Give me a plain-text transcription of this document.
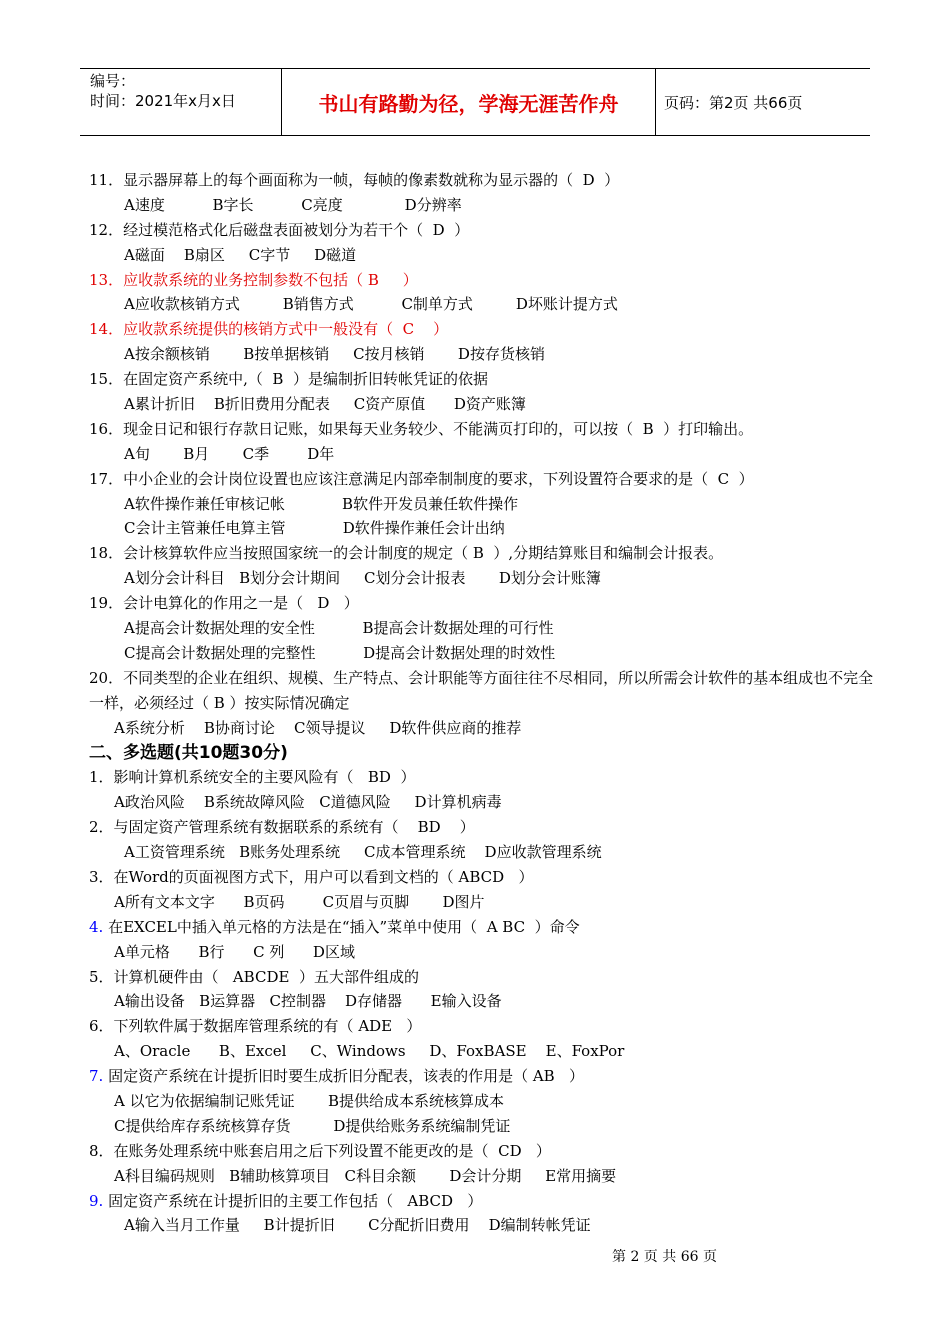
编号：
时间：2021年x月x日	书山有路勤为径，学海无涯苦作舟	页码：第2页 共66页
11．显示器屏幕上的每个画面称为一帧，每帧的像素数就称为显示器的（  D  ）
A速度          B字长          C亮度             D分辨率
12．经过模范格式化后磁盘表面被划分为若干个（  D  ）
A磁面    B扇区     C字节     D磁道
13．应收款系统的业务控制参数不包括（ B     ）
A应收款核销方式         B销售方式          C制单方式         D坏账计提方式
14．应收款系统提供的核销方式中一般没有（  C    ）
A按余额核销       B按单据核销     C按月核销       D按存货核销
15．在固定资产系统中,（  B  ）是编制折旧转帐凭证的依据
A累计折旧    B折旧费用分配表     C资产原值      D资产账簿
16．现金日记和银行存款日记账，如果每天业务较少、不能满页打印的，可以按（  B  ）打印输出。
A旬       B月       C季        D年
17．中小企业的会计岗位设置也应该注意满足内部牵制制度的要求，下列设置符合要求的是（  C  ）
A软件操作兼任审核记帐            B软件开发员兼任软件操作
C会计主管兼任电算主管            D软件操作兼任会计出纳
18．会计核算软件应当按照国家统一的会计制度的规定（ B  ）,分期结算账目和编制会计报表。
A划分会计科目   B划分会计期间     C划分会计报表       D划分会计账簿
19．会计电算化的作用之一是（   D   ）
A提高会计数据处理的安全性          B提高会计数据处理的可行性
C提高会计数据处理的完整性          D提高会计数据处理的时效性
20．不同类型的企业在组织、规模、生产特点、会计职能等方面往往不尽相同，所以所需会计软件的基本组成也不完全一样，必须经过（ B ）按实际情况确定
A系统分析    B协商讨论    C领导提议     D软件供应商的推荐
二、多选题(共10题30分)
1．影响计算机系统安全的主要风险有（   BD  ）
A政治风险    B系统故障风险   C道德风险     D计算机病毒
2．与固定资产管理系统有数据联系的系统有（    BD    ）
A工资管理系统   B账务处理系统     C成本管理系统    D应收款管理系统
3．在Word的页面视图方式下，用户可以看到文档的（ ABCD   ）
A所有文本文字      B页码        C页眉与页脚       D图片
4. 在EXCEL中插入单元格的方法是在“插入”菜单中使用（  A BC  ）命令
A单元格      B行      C 列      D区域
5．计算机硬件由（   ABCDE  ）五大部件组成的
A输出设备   B运算器   C控制器    D存储器      E输入设备
6．下列软件属于数据库管理系统的有（ ADE   ）
A、Oracle      B、Excel     C、Windows     D、FoxBASE    E、FoxPor
7. 固定资产系统在计提折旧时要生成折旧分配表，该表的作用是（ AB   ）
A 以它为依据编制记账凭证       B提供给成本系统核算成本
C提供给库存系统核算存货         D提供给账务系统编制凭证
8．在账务处理系统中账套启用之后下列设置不能更改的是（  CD   ）
A科目编码规则   B辅助核算项目   C科目余额       D会计分期     E常用摘要
9. 固定资产系统在计提折旧的主要工作包括（   ABCD   ）
A输入当月工作量     B计提折旧       C分配折旧费用    D编制转帐凭证
第 2 页 共 66 页
